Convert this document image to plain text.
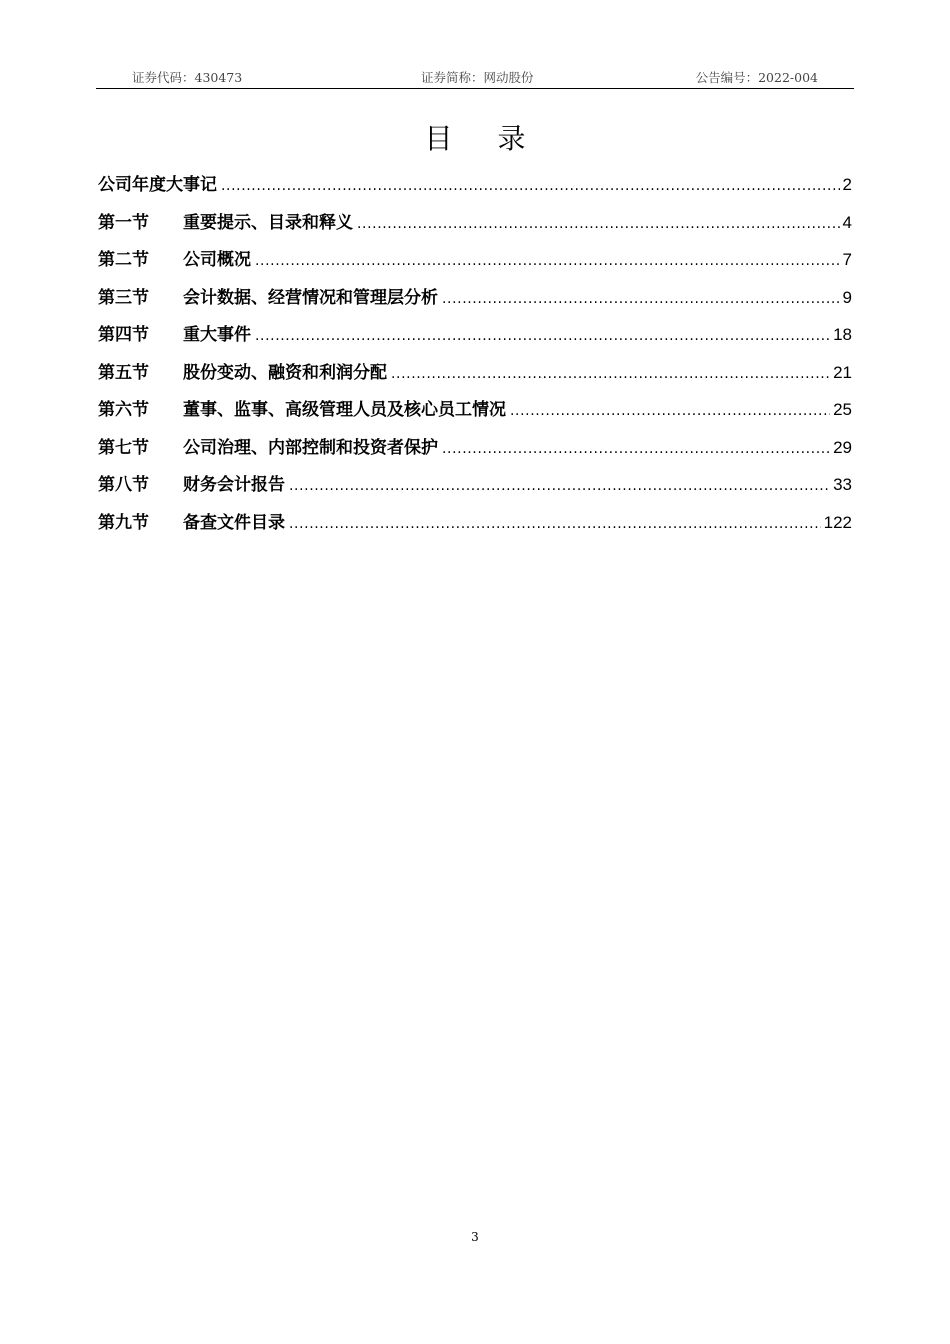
证券代码：430473	证券简称：网动股份	公告编号：2022-004
目 录
公司年度大事记 .....	2
第一节	重要提示、目录和释义 .....	4
第二节	公司概况 .....	7
第三节	会计数据、经营情况和管理层分析 .....	9
第四节	重大事件 .....	18
第五节	股份变动、融资和利润分配 .....	21
第六节	董事、监事、高级管理人员及核心员工情况 .....	25
第七节	公司治理、内部控制和投资者保护 .....	29
第八节	财务会计报告 .....	33
第九节	备查文件目录 .....	122
3
